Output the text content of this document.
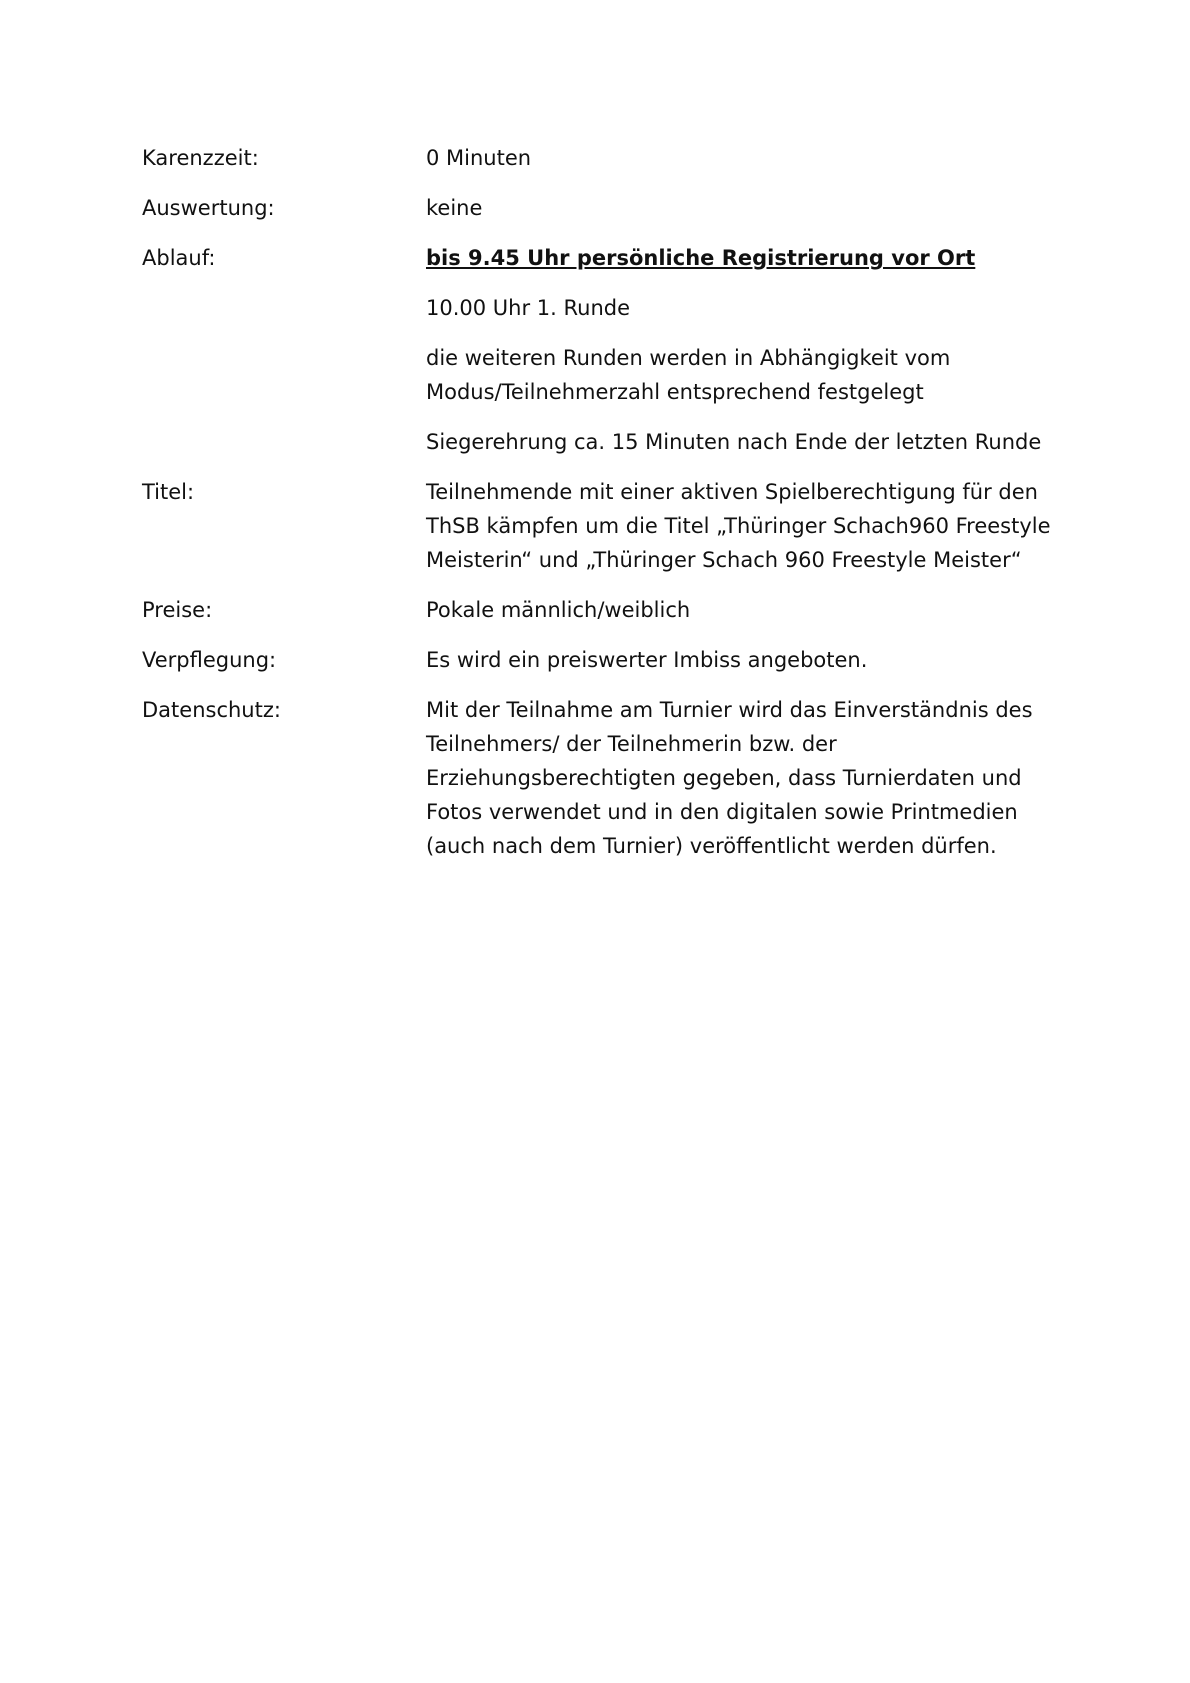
Karenzzeit:	0 Minuten

Auswertung:	keine

Ablauf:	bis 9.45 Uhr persönliche Registrierung vor Ort

10.00 Uhr 1. Runde

die weiteren Runden werden in Abhängigkeit vom

Modus/Teilnehmerzahl entsprechend festgelegt

Siegerehrung ca. 15 Minuten nach Ende der letzten Runde

Titel:	Teilnehmende mit einer aktiven Spielberechtigung für den

ThSB kämpfen um die Titel „Thüringer Schach960 Freestyle

Meisterin“ und „Thüringer Schach 960 Freestyle Meister“

Preise:	Pokale männlich/weiblich

Verpflegung:	Es wird ein preiswerter Imbiss angeboten.

Datenschutz:	Mit der Teilnahme am Turnier wird das Einverständnis des

Teilnehmers/ der Teilnehmerin bzw. der

Erziehungsberechtigten gegeben, dass Turnierdaten und

Fotos verwendet und in den digitalen sowie Printmedien

(auch nach dem Turnier) veröffentlicht werden dürfen.
